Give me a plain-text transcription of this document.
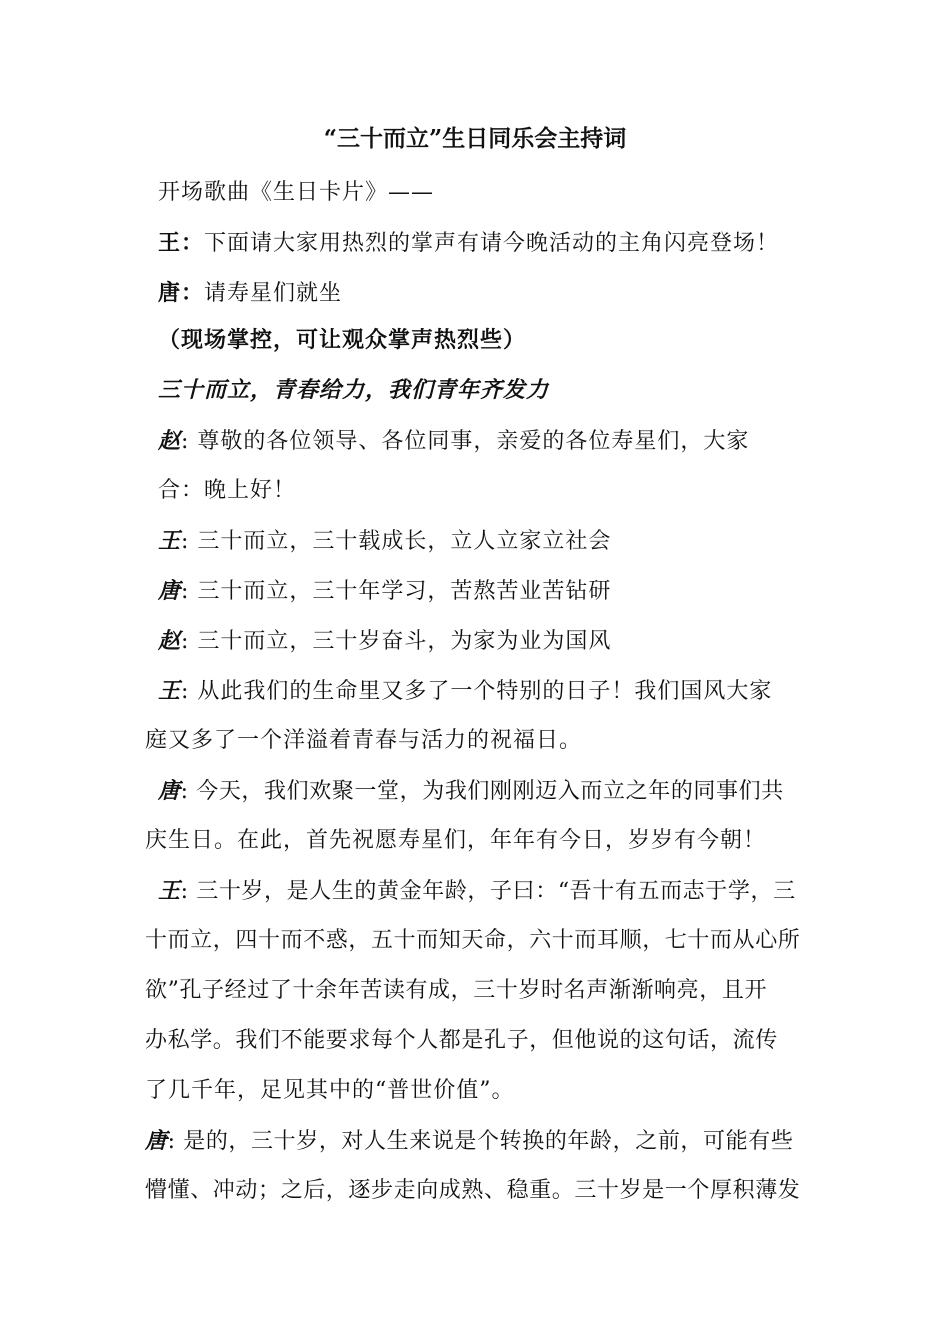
“三十而立”生日同乐会主持词
开场歌曲《生日卡片》——
王：下面请大家用热烈的掌声有请今晚活动的主角闪亮登场！
唐：请寿星们就坐
（现场掌控，可让观众掌声热烈些）
三十而立，青春给力，我们青年齐发力
赵: 尊敬的各位领导、各位同事，亲爱的各位寿星们，大家
合：晚上好！
王: 三十而立，三十载成长，立人立家立社会
唐: 三十而立，三十年学习，苦熬苦业苦钻研
赵: 三十而立，三十岁奋斗，为家为业为国风
王: 从此我们的生命里又多了一个特别的日子！我们国风大家
庭又多了一个洋溢着青春与活力的祝福日。
唐: 今天，我们欢聚一堂，为我们刚刚迈入而立之年的同事们共
庆生日。在此，首先祝愿寿星们，年年有今日，岁岁有今朝！
王: 三十岁，是人生的黄金年龄，子曰：“吾十有五而志于学，三
十而立，四十而不惑，五十而知天命，六十而耳顺，七十而从心所
欲”孔子经过了十余年苦读有成，三十岁时名声渐渐响亮，且开
办私学。我们不能要求每个人都是孔子，但他说的这句话，流传
了几千年，足见其中的“普世价值”。
唐: 是的，三十岁，对人生来说是个转换的年龄，之前，可能有些
懵懂、冲动；之后，逐步走向成熟、稳重。三十岁是一个厚积薄发
